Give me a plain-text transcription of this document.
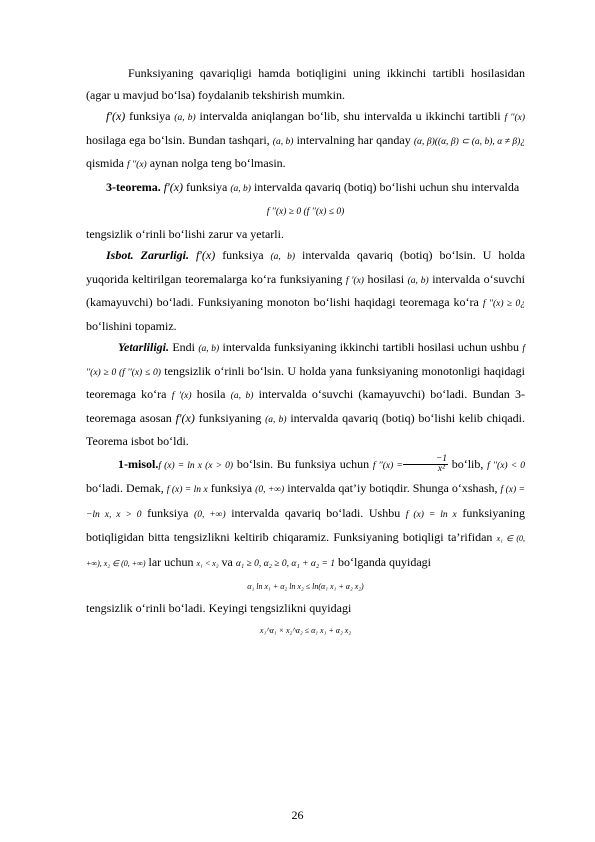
Funksiyaning qavariqligi hamda botiqligini uning ikkinchi tartibli hosilasidan (agar u mavjud bo‘lsa) foydalanib tekshirish mumkin.

f′(x) funksiya (a, b) intervalda aniqlangan bo‘lib, shu intervalda u ikkinchi tartibli f ′′(x) hosilaga ega bo‘lsin. Bundan tashqari, (a, b) intervalning har qanday (α, β)((α, β) ⊂ (a, b), α ≠ β)¿ qismida f ′′(x) aynan nolga teng bo‘lmasin.

3-teorema. f′(x) funksiya (a, b) intervalda qavariq (botiq) bo‘lishi uchun shu intervalda

f ′′(x) ≥ 0 (f ′′(x) ≤ 0)

tengsizlik o‘rinli bo‘lishi zarur va yetarli.

Isbot. Zarurligi. f′(x) funksiya (a, b) intervalda qavariq (botiq) bo‘lsin. U holda yuqorida keltirilgan teoremalarga ko‘ra funksiyaning f ′(x) hosilasi (a, b) intervalda o‘suvchi (kamayuvchi) bo‘ladi. Funksiyaning monoton bo‘lishi haqidagi teoremaga ko‘ra f ′′(x) ≥ 0¿ bo‘lishini topamiz.

Yetarliligi. Endi (a, b) intervalda funksiyaning ikkinchi tartibli hosilasi uchun ushbu f ′′(x) ≥ 0 (f ′′(x) ≤ 0) tengsizlik o‘rinli bo‘lsin. U holda yana funksiyaning monotonligi haqidagi teoremaga ko‘ra f ′(x) hosila (a, b) intervalda o‘suvchi (kamayuvchi) bo‘ladi. Bundan 3-teoremaga asosan f′(x) funksiyaning (a, b) intervalda qavariq (botiq) bo‘lishi kelib chiqadi. Teorema isbot bo‘ldi.

1-misol.f (x) = ln x (x > 0) bo‘lsin. Bu funksiya uchun f $''(x) = \frac{-1}{\text{x²}}$ bo‘lib, f ′′(x) < 0 bo‘ladi. Demak, f (x) = ln x funksiya (0, +∞) intervalda qat’iy botiqdir. Shunga o‘xshash, f (x) = −ln x, x > 0 funksiya (0, +∞) intervalda qavariq bo‘ladi. Ushbu f (x) = ln x funksiyaning botiqligidan bitta tengsizlikni keltirib chiqaramiz. Funksiyaning botiqligi ta’rifidan x₁ ∈ (0, +∞), x₂ ∈ (0, +∞) lar uchun x₁ < x₂ va α₁ ≥ 0, α₂ ≥ 0, α₁ + α₂ = 1 bo‘lganda quyidagi

α₁ ln x₁ + α₂ ln x₂ ≤ ln(α₁ x₁ + α₂ x₂)

tengsizlik o‘rinli bo‘ladi. Keyingi tengsizlikni quyidagi

x₁^α₁ × x₂^α₂ ≤ α₁ x₁ + α₂ x₂

26
